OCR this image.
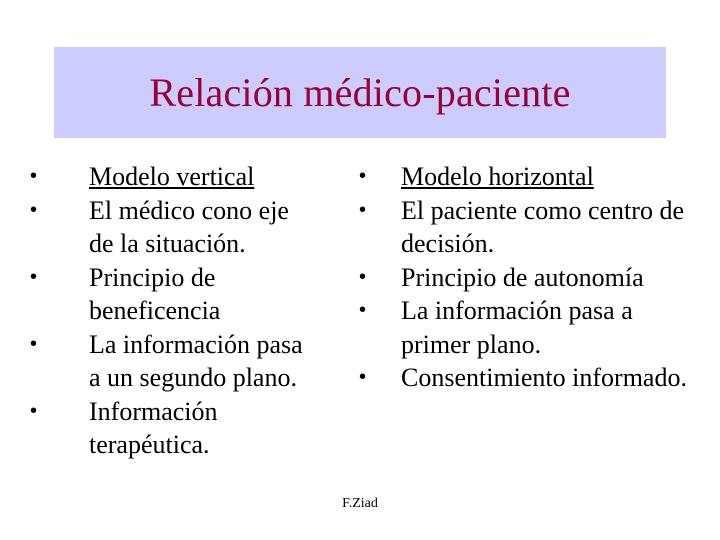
Relación médico-paciente
•	Modelo vertical
•	El médico cono eje de la situación.
•	Principio de beneficencia
•	La información pasa a un segundo plano.
•	Información terapéutica.
•	Modelo horizontal
•	El paciente como centro de decisión.
•	Principio de autonomía
•	La información pasa a primer plano.
•	Consentimiento informado.
F.Ziad
